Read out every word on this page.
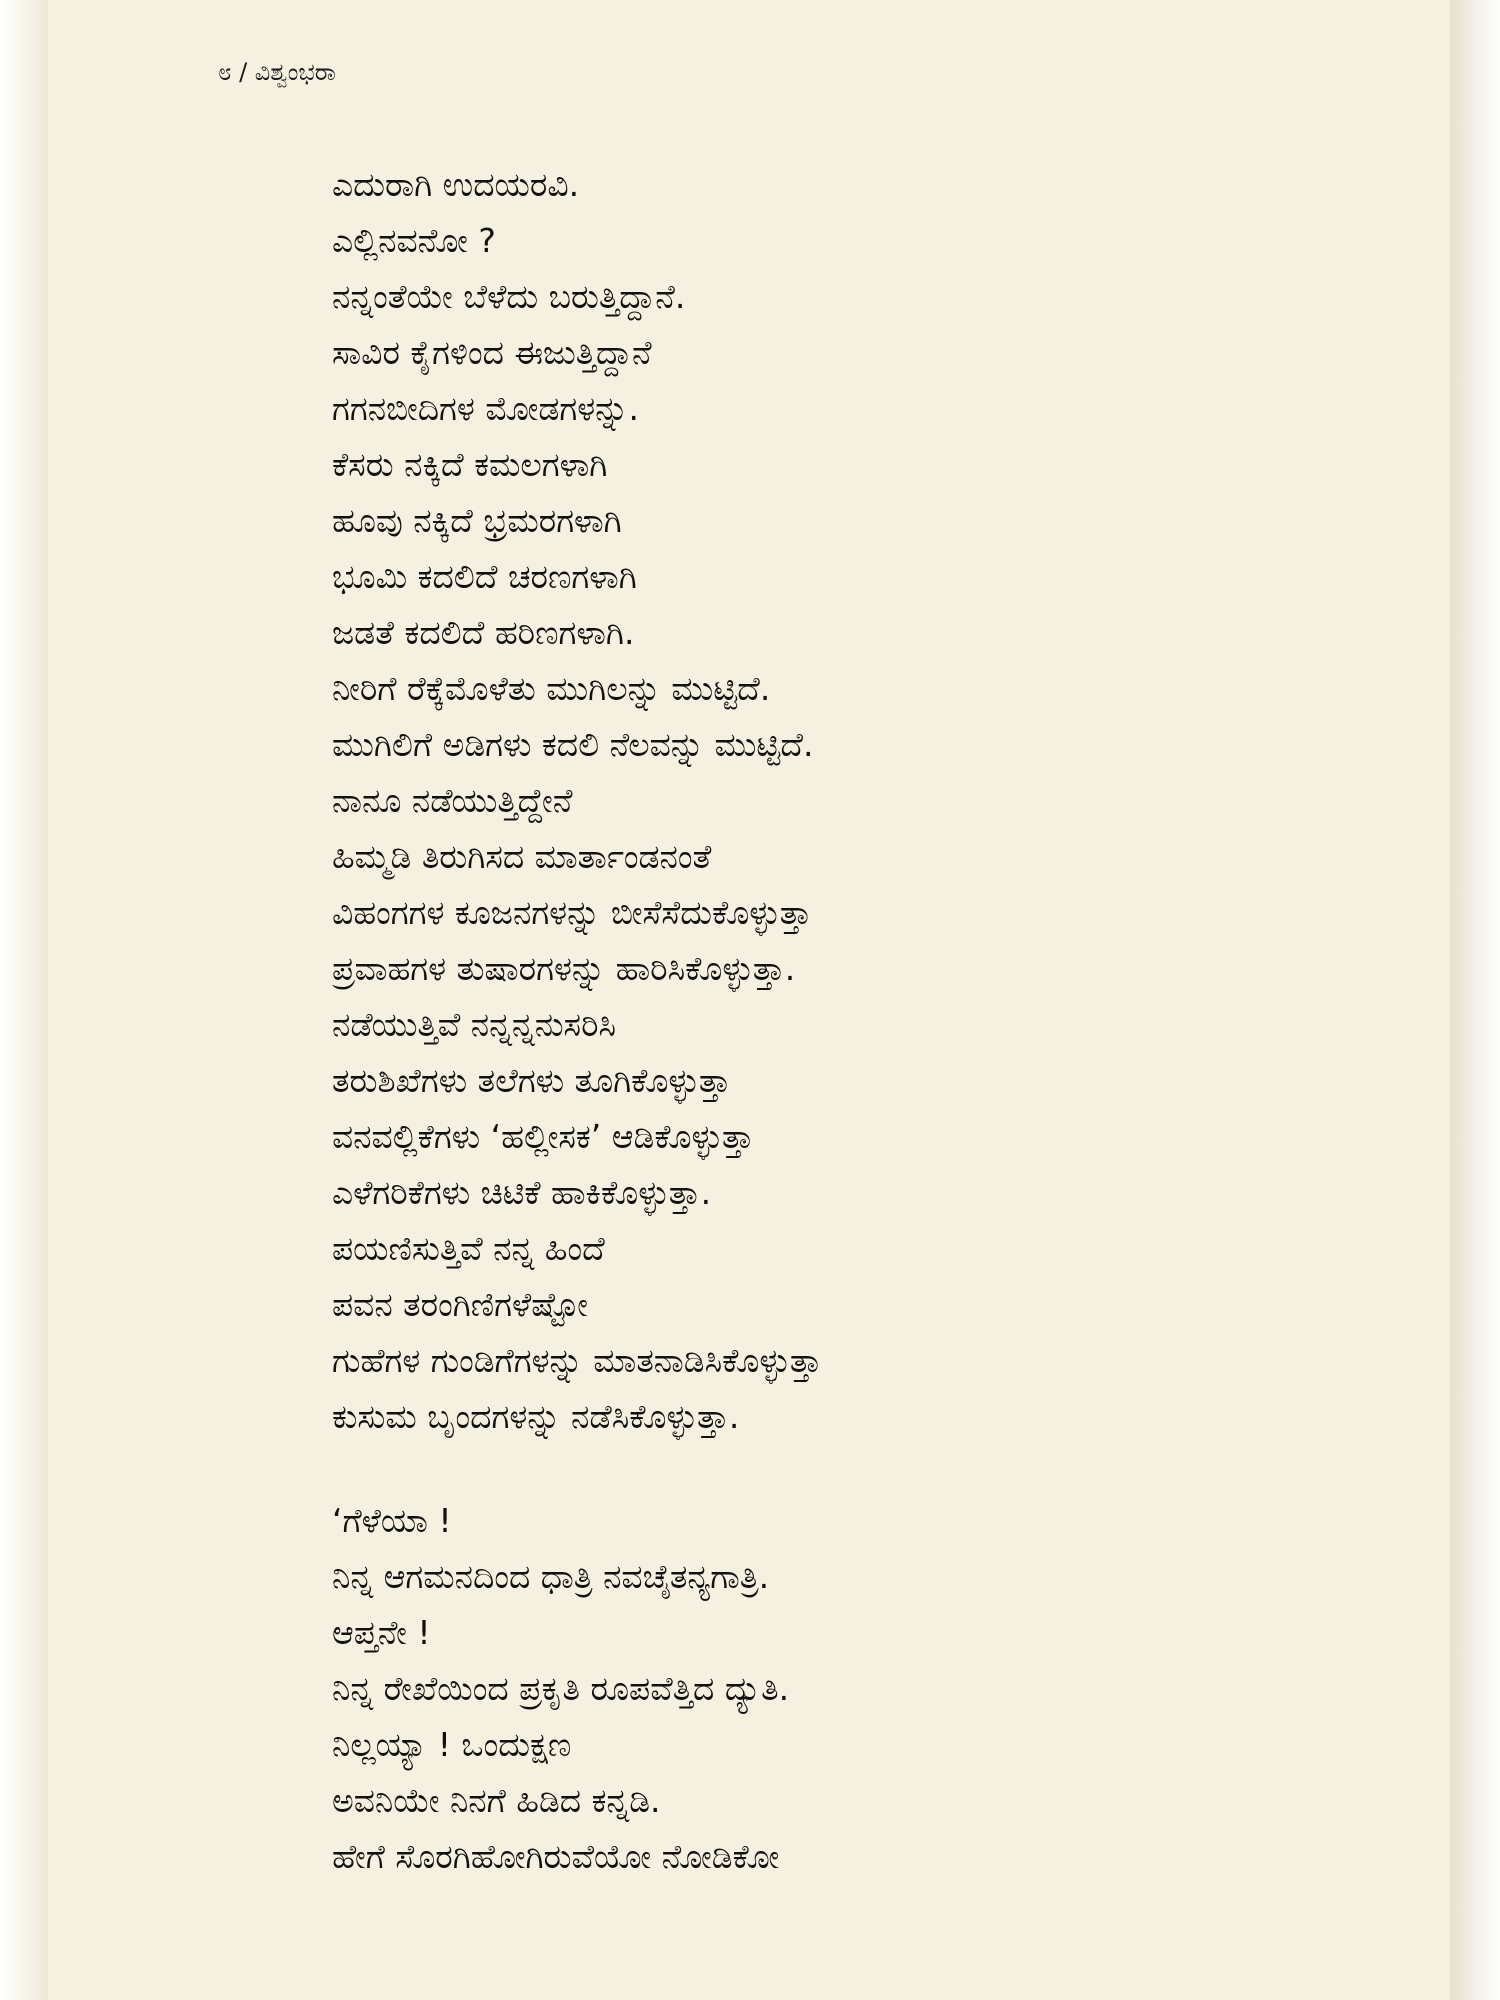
೮ / ವಿಶ್ವಂಭರಾ
ಎದುರಾಗಿ ಉದಯರವಿ.
ಎಲ್ಲಿನವನೋ ?
ನನ್ನಂತೆಯೇ ಬೆಳೆದು ಬರುತ್ತಿದ್ದಾನೆ.
ಸಾವಿರ ಕೈಗಳಿಂದ ಈಜುತ್ತಿದ್ದಾನೆ
ಗಗನಬೀದಿಗಳ ಮೋಡಗಳನ್ನು.
ಕೆಸರು ನಕ್ಕಿದೆ ಕಮಲಗಳಾಗಿ
ಹೂವು ನಕ್ಕಿದೆ ಭ್ರಮರಗಳಾಗಿ
ಭೂಮಿ ಕದಲಿದೆ ಚರಣಗಳಾಗಿ
ಜಡತೆ ಕದಲಿದೆ ಹರಿಣಗಳಾಗಿ.
ನೀರಿಗೆ ರೆಕ್ಕೆಮೊಳೆತು ಮುಗಿಲನ್ನು ಮುಟ್ಟಿದೆ.
ಮುಗಿಲಿಗೆ ಅಡಿಗಳು ಕದಲಿ ನೆಲವನ್ನು ಮುಟ್ಟಿದೆ.
ನಾನೂ ನಡೆಯುತ್ತಿದ್ದೇನೆ
ಹಿಮ್ಮಡಿ ತಿರುಗಿಸದ ಮಾರ್ತಾಂಡನಂತೆ
ವಿಹಂಗಗಳ ಕೂಜನಗಳನ್ನು ಬೀಸೆಸೆದುಕೊಳ್ಳುತ್ತಾ
ಪ್ರವಾಹಗಳ ತುಷಾರಗಳನ್ನು ಹಾರಿಸಿಕೊಳ್ಳುತ್ತಾ.
ನಡೆಯುತ್ತಿವೆ ನನ್ನನ್ನನುಸರಿಸಿ
ತರುಶಿಖೆಗಳು ತಲೆಗಳು ತೂಗಿಕೊಳ್ಳುತ್ತಾ
ವನವಲ್ಲಿಕೆಗಳು ‘ಹಲ್ಲೀಸಕ’ ಆಡಿಕೊಳ್ಳುತ್ತಾ
ಎಳೆಗರಿಕೆಗಳು ಚಿಟಿಕೆ ಹಾಕಿಕೊಳ್ಳುತ್ತಾ.
ಪಯಣಿಸುತ್ತಿವೆ ನನ್ನ ಹಿಂದೆ
ಪವನ ತರಂಗಿಣಿಗಳೆಷ್ಟೋ
ಗುಹೆಗಳ ಗುಂಡಿಗೆಗಳನ್ನು ಮಾತನಾಡಿಸಿಕೊಳ್ಳುತ್ತಾ
ಕುಸುಮ ಬೃಂದಗಳನ್ನು ನಡೆಸಿಕೊಳ್ಳುತ್ತಾ.
‘ಗೆಳೆಯಾ !
ನಿನ್ನ ಆಗಮನದಿಂದ ಧಾತ್ರಿ ನವಚೈತನ್ಯಗಾತ್ರಿ.
ಆಪ್ತನೇ !
ನಿನ್ನ ರೇಖೆಯಿಂದ ಪ್ರಕೃತಿ ರೂಪವೆತ್ತಿದ ದ್ಯುತಿ.
ನಿಲ್ಲಯ್ಯಾ ! ಒಂದುಕ್ಷಣ
ಅವನಿಯೇ ನಿನಗೆ ಹಿಡಿದ ಕನ್ನಡಿ.
ಹೇಗೆ ಸೊರಗಿಹೋಗಿರುವೆಯೋ ನೋಡಿಕೋ
